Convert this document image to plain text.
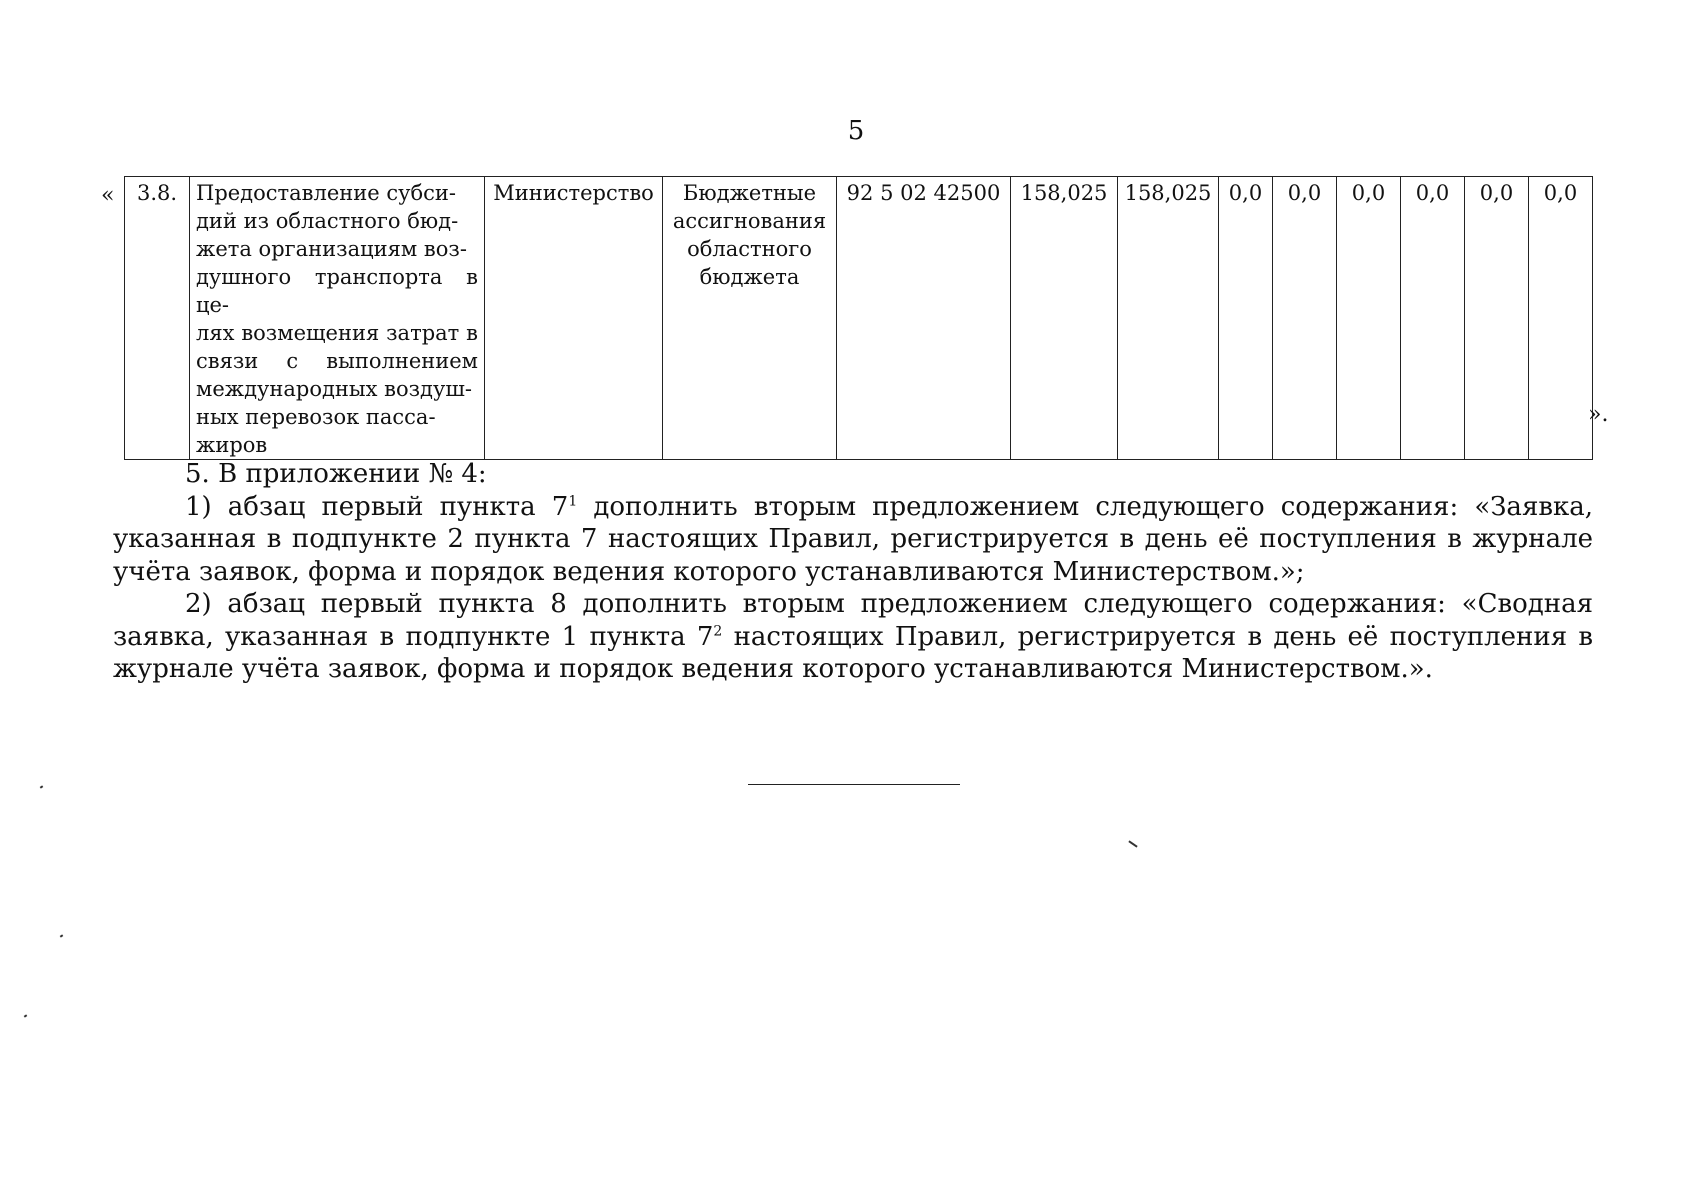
5
« 3.8.	Предоставление субси-
дий из областного бюд-
жета организациям воз-
душного транспорта в це-
лях возмещения затрат в связи с выполнением международных воздуш-
ных перевозок пасса-
жиров	Министерство	Бюджетные ассигнования областного бюджета	92 5 02 42500	158,025	158,025	0,0	0,0	0,0	0,0	0,0	0,0
».

5. В приложении № 4:

1) абзац первый пункта $7^1$ дополнить вторым предложением следующего содержания: «Заявка, указанная в подпункте 2 пункта 7 настоящих Правил, регистрируется в день её поступления в журнале учёта заявок, форма и порядок ведения которого устанавливаются Министерством.»;

2) абзац первый пункта 8 дополнить вторым предложением следующего содержания: «Сводная заявка, указанная в подпункте 1 пункта $7^2$ настоящих Правил, регистрируется в день её поступления в журнале учёта заявок, форма и порядок ведения которого устанавливаются Министерством.».
